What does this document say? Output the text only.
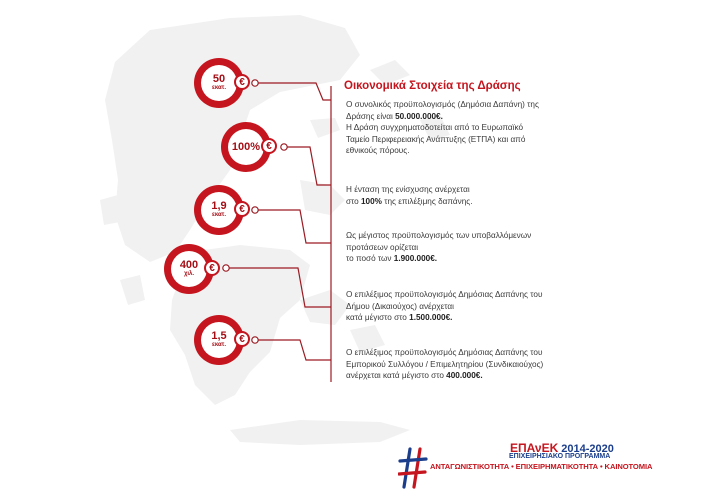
50
εκατ.
€
100% €
1,9
εκατ.
€
400
χιλ.
€
1,5
εκατ.
€
Οικονομικά Στοιχεία της Δράσης

Ο συνολικός προϋπολογισμός (Δημόσια Δαπάνη) της

Δράσης είναι 50.000.000€.

Η Δράση συγχρηματοδοτείται από το Ευρωπαϊκό

Ταμείο Περιφερειακής Ανάπτυξης (ΕΤΠΑ) και από

εθνικούς πόρους.

Η ένταση της ενίσχυσης ανέρχεται

στο 100% της επιλέξιμης δαπάνης.

Ως μέγιστος προϋπολογισμός των υποβαλλόμενων

προτάσεων ορίζεται

το ποσό των 1.900.000€.

Ο επιλέξιμος προϋπολογισμός Δημόσιας Δαπάνης του

Δήμου (Δικαιούχος) ανέρχεται

κατά μέγιστο στο 1.500.000€.

Ο επιλέξιμος προϋπολογισμός Δημόσιας Δαπάνης του

Εμπορικού Συλλόγου / Επιμελητηρίου (Συνδικαιούχος)

ανέρχεται κατά μέγιστο στο 400.000€.

ΕΠΑνΕΚ 2014-2020
ΕΠΙΧΕΙΡΗΣΙΑΚΟ ΠΡΟΓΡΑΜΜΑ
ΑΝΤΑΓΩΝΙΣΤΙΚΟΤΗΤΑ • ΕΠΙΧΕΙΡΗΜΑΤΙΚΟΤΗΤΑ • ΚΑΙΝΟΤΟΜΙΑ
